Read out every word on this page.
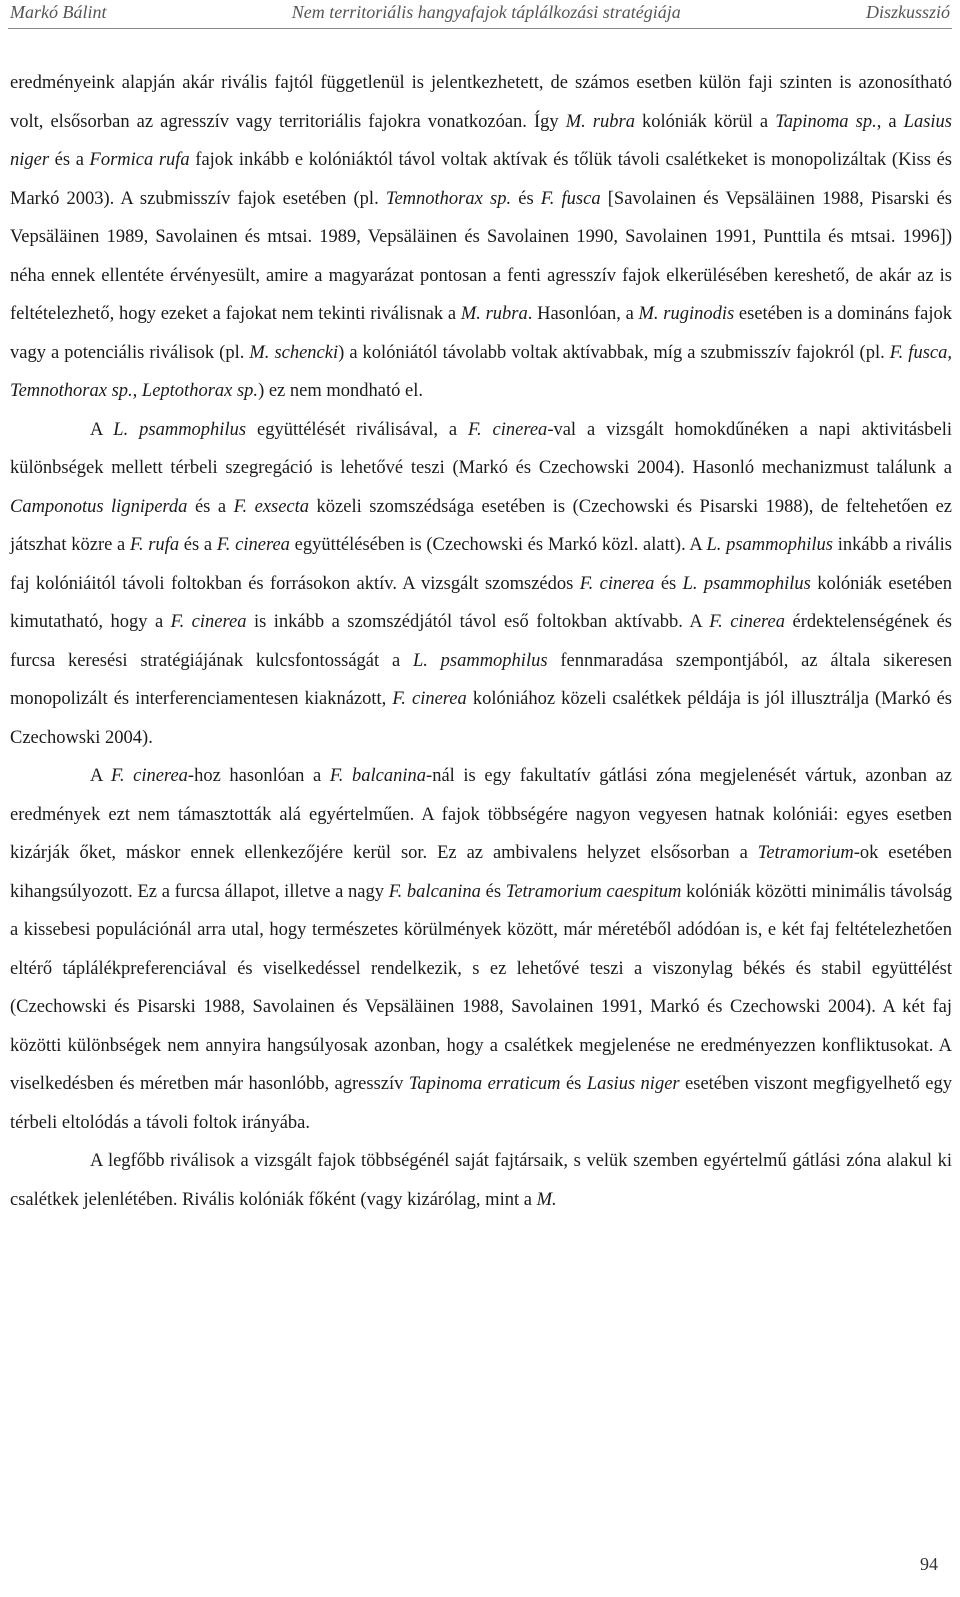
Markó Bálint	Nem territoriális hangyafajok táplálkozási stratégiája	Diszkusszió

eredményeink alapján akár rivális fajtól függetlenül is jelentkezhetett, de számos esetben külön faji szinten is azonosítható volt, elsősorban az agresszív vagy territoriális fajokra vonatkozóan. Így M. rubra kolóniák körül a Tapinoma sp., a Lasius niger és a Formica rufa fajok inkább e kolóniáktól távol voltak aktívak és tőlük távoli csalétkeket is monopolizáltak (Kiss és Markó 2003). A szubmisszív fajok esetében (pl. Temnothorax sp. és F. fusca [Savolainen és Vepsäläinen 1988, Pisarski és Vepsäläinen 1989, Savolainen és mtsai. 1989, Vepsäläinen és Savolainen 1990, Savolainen 1991, Punttila és mtsai. 1996]) néha ennek ellentéte érvényesült, amire a magyarázat pontosan a fenti agresszív fajok elkerülésében kereshető, de akár az is feltételezhető, hogy ezeket a fajokat nem tekinti riválisnak a M. rubra. Hasonlóan, a M. ruginodis esetében is a domináns fajok vagy a potenciális riválisok (pl. M. schencki) a kolóniától távolabb voltak aktívabbak, míg a szubmisszív fajokról (pl. F. fusca, Temnothorax sp., Leptothorax sp.) ez nem mondható el.

A L. psammophilus együttélését riválisával, a F. cinerea-val a vizsgált homokdűnéken a napi aktivitásbeli különbségek mellett térbeli szegregáció is lehetővé teszi (Markó és Czechowski 2004). Hasonló mechanizmust találunk a Camponotus ligniperda és a F. exsecta közeli szomszédsága esetében is (Czechowski és Pisarski 1988), de feltehetően ez játszhat közre a F. rufa és a F. cinerea együttélésében is (Czechowski és Markó közl. alatt). A L. psammophilus inkább a rivális faj kolóniáitól távoli foltokban és forrásokon aktív. A vizsgált szomszédos F. cinerea és L. psammophilus kolóniák esetében kimutatható, hogy a F. cinerea is inkább a szomszédjától távol eső foltokban aktívabb. A F. cinerea érdektelenségének és furcsa keresési stratégiájának kulcsfontosságát a L. psammophilus fennmaradása szempontjából, az általa sikeresen monopolizált és interferenciamentesen kiaknázott, F. cinerea kolóniához közeli csalétkek példája is jól illusztrálja (Markó és Czechowski 2004).

A F. cinerea-hoz hasonlóan a F. balcanina-nál is egy fakultatív gátlási zóna megjelenését vártuk, azonban az eredmények ezt nem támasztották alá egyértelműen. A fajok többségére nagyon vegyesen hatnak kolóniái: egyes esetben kizárják őket, máskor ennek ellenkezőjére kerül sor. Ez az ambivalens helyzet elsősorban a Tetramorium-ok esetében kihangsúlyozott. Ez a furcsa állapot, illetve a nagy F. balcanina és Tetramorium caespitum kolóniák közötti minimális távolság a kissebesi populációnál arra utal, hogy természetes körülmények között, már méretéből adódóan is, e két faj feltételezhetően eltérő táplálékpreferenciával és viselkedéssel rendelkezik, s ez lehetővé teszi a viszonylag békés és stabil együttélést (Czechowski és Pisarski 1988, Savolainen és Vepsäläinen 1988, Savolainen 1991, Markó és Czechowski 2004). A két faj közötti különbségek nem annyira hangsúlyosak azonban, hogy a csalétkek megjelenése ne eredményezzen konfliktusokat. A viselkedésben és méretben már hasonlóbb, agresszív Tapinoma erraticum és Lasius niger esetében viszont megfigyelhető egy térbeli eltolódás a távoli foltok irányába.

A legfőbb riválisok a vizsgált fajok többségénél saját fajtársaik, s velük szemben egyértelmű gátlási zóna alakul ki csalétkek jelenlétében. Rivális kolóniák főként (vagy kizárólag, mint a M.

94
